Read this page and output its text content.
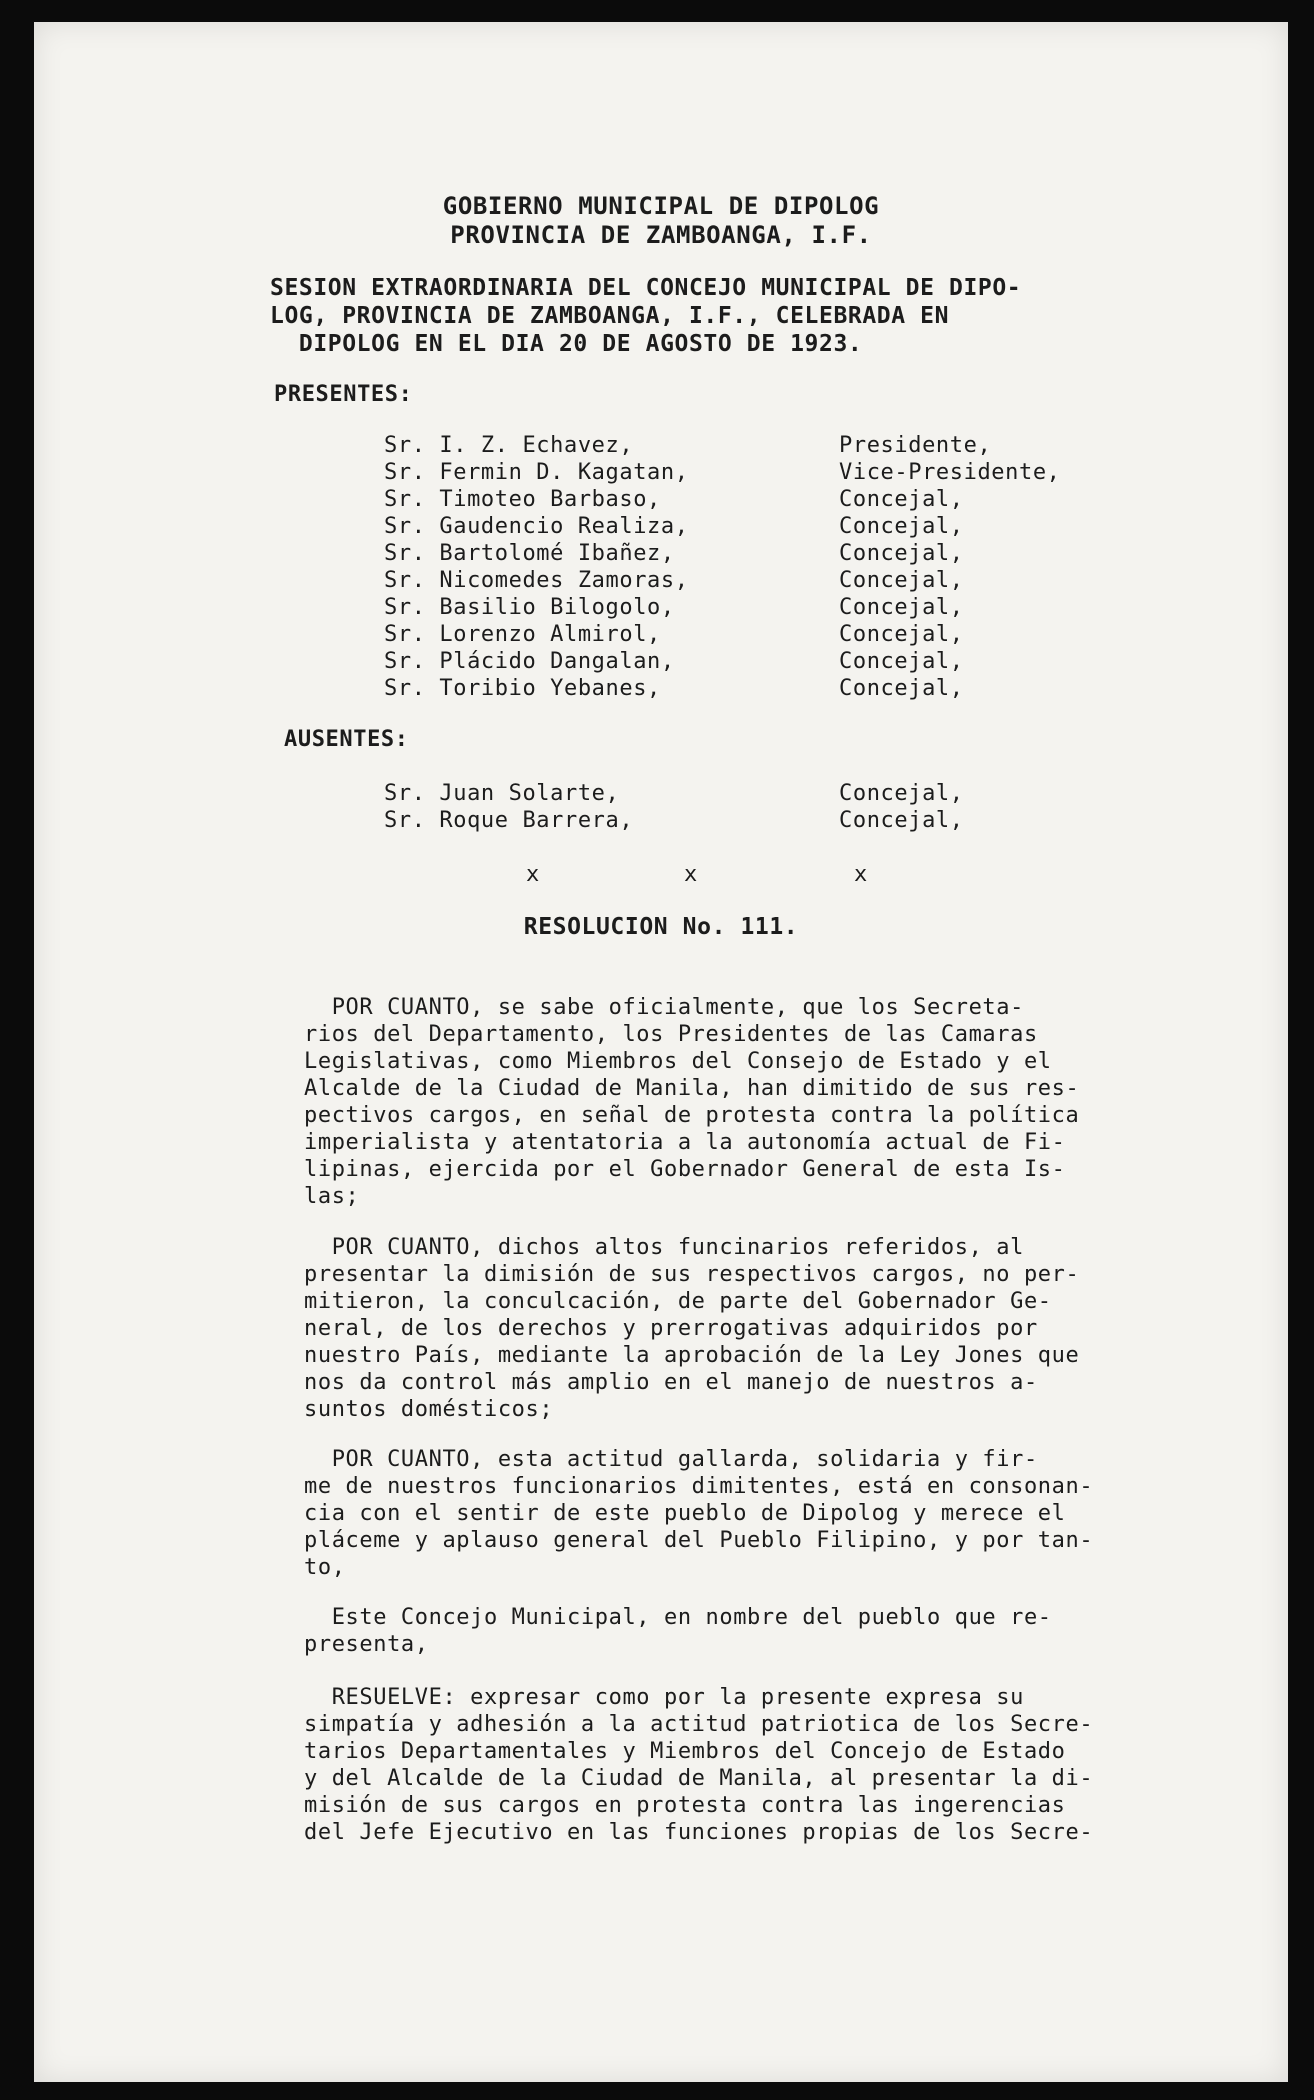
GOBIERNO MUNICIPAL DE DIPOLOG
PROVINCIA DE ZAMBOANGA, I.F.
SESION EXTRAORDINARIA DEL CONCEJO MUNICIPAL DE DIPO-
LOG, PROVINCIA DE ZAMBOANGA, I.F., CELEBRADA EN
DIPOLOG EN EL DIA 20 DE AGOSTO DE 1923.
PRESENTES:
Sr. I. Z. Echavez,	Presidente,
Sr. Fermin D. Kagatan,	Vice-Presidente,
Sr. Timoteo Barbaso,	Concejal,
Sr. Gaudencio Realiza,	Concejal,
Sr. Bartolomé Ibañez,	Concejal,
Sr. Nicomedes Zamoras,	Concejal,
Sr. Basilio Bilogolo,	Concejal,
Sr. Lorenzo Almirol,	Concejal,
Sr. Plácido Dangalan,	Concejal,
Sr. Toribio Yebanes,	Concejal,
AUSENTES:
Sr. Juan Solarte,	Concejal,
Sr. Roque Barrera,	Concejal,
x	x	x
RESOLUCION No. 111.
POR CUANTO, se sabe oficialmente, que los Secreta-
rios del Departamento, los Presidentes de las Camaras
Legislativas, como Miembros del Consejo de Estado y el
Alcalde de la Ciudad de Manila, han dimitido de sus res-
pectivos cargos, en señal de protesta contra la política
imperialista y atentatoria a la autonomía actual de Fi-
lipinas, ejercida por el Gobernador General de esta Is-
las;
POR CUANTO, dichos altos funcinarios referidos, al
presentar la dimisión de sus respectivos cargos, no per-
mitieron, la conculcación, de parte del Gobernador Ge-
neral, de los derechos y prerrogativas adquiridos por
nuestro País, mediante la aprobación de la Ley Jones que
nos da control más amplio en el manejo de nuestros a-
suntos domésticos;
POR CUANTO, esta actitud gallarda, solidaria y fir-
me de nuestros funcionarios dimitentes, está en consonan-
cia con el sentir de este pueblo de Dipolog y merece el
pláceme y aplauso general del Pueblo Filipino, y por tan-
to,
Este Concejo Municipal, en nombre del pueblo que re-
presenta,
RESUELVE: expresar como por la presente expresa su
simpatía y adhesión a la actitud patriotica de los Secre-
tarios Departamentales y Miembros del Concejo de Estado
y del Alcalde de la Ciudad de Manila, al presentar la di-
misión de sus cargos en protesta contra las ingerencias
del Jefe Ejecutivo en las funciones propias de los Secre-
